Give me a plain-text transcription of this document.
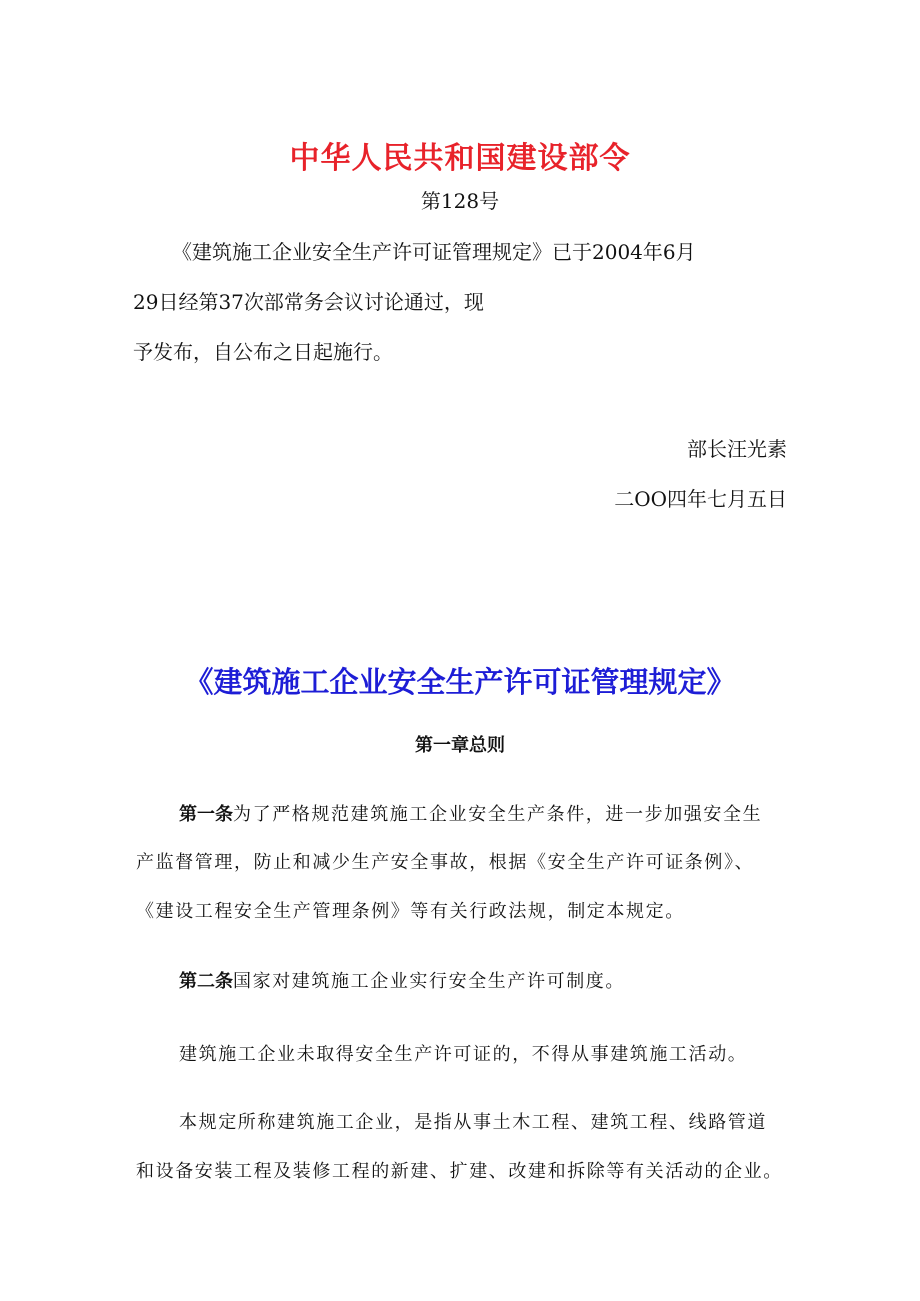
中华人民共和国建设部令
第128号

《建筑施工企业安全生产许可证管理规定》已于2004年6月

29日经第37次部常务会议讨论通过，现

予发布，自公布之日起施行。

部长汪光素

二OO四年七月五日

《建筑施工企业安全生产许可证管理规定》
第一章总则

第一条为了严格规范建筑施工企业安全生产条件，进一步加强安全生

产监督管理，防止和减少生产安全事故，根据《安全生产许可证条例》、

《建设工程安全生产管理条例》等有关行政法规，制定本规定。

第二条国家对建筑施工企业实行安全生产许可制度。

建筑施工企业未取得安全生产许可证的，不得从事建筑施工活动。

本规定所称建筑施工企业，是指从事土木工程、建筑工程、线路管道

和设备安装工程及装修工程的新建、扩建、改建和拆除等有关活动的企业。
